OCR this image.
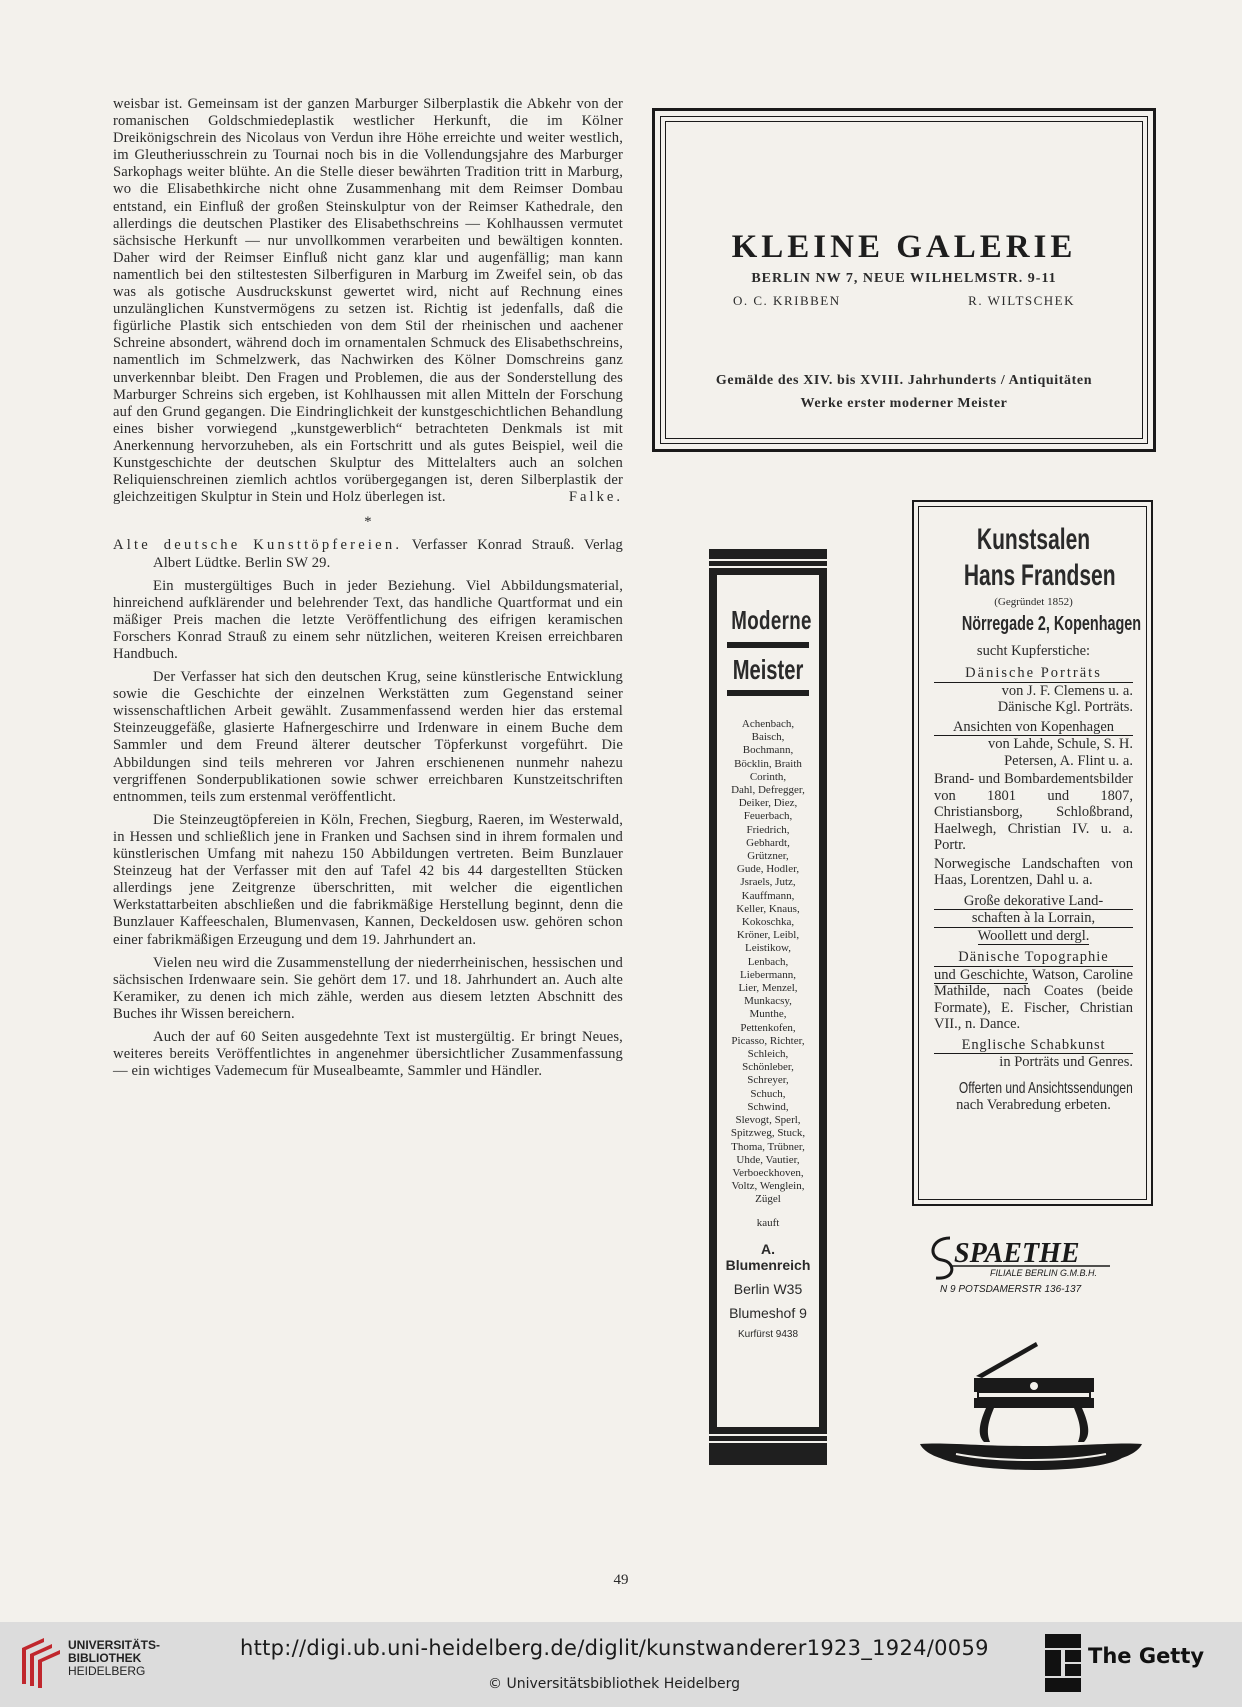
weisbar ist. Gemeinsam ist der ganzen Marburger Silberplastik die Abkehr von der romanischen Goldschmiedeplastik westlicher Herkunft, die im Kölner Dreikönigschrein des Nicolaus von Verdun ihre Höhe erreichte und weiter westlich, im Gleutheriusschrein zu Tournai noch bis in die Vollendungsjahre des Marburger Sarkophags weiter blühte. An die Stelle dieser bewährten Tradition tritt in Marburg, wo die Elisabethkirche nicht ohne Zusammenhang mit dem Reimser Dombau entstand, ein Einfluß der großen Steinskulptur von der Reimser Kathedrale, den allerdings die deutschen Plastiker des Elisabethschreins — Kohlhaussen vermutet sächsische Herkunft — nur unvollkommen verarbeiten und bewältigen konnten. Daher wird der Reimser Einfluß nicht ganz klar und augenfällig; man kann namentlich bei den stiltestesten Silberfiguren in Marburg im Zweifel sein, ob das was als gotische Ausdruckskunst gewertet wird, nicht auf Rechnung eines unzulänglichen Kunstvermögens zu setzen ist. Richtig ist jedenfalls, daß die figürliche Plastik sich entschieden von dem Stil der rheinischen und aachener Schreine absondert, während doch im ornamentalen Schmuck des Elisabethschreins, namentlich im Schmelzwerk, das Nachwirken des Kölner Domschreins ganz unverkennbar bleibt. Den Fragen und Problemen, die aus der Sonderstellung des Marburger Schreins sich ergeben, ist Kohlhaussen mit allen Mitteln der Forschung auf den Grund gegangen. Die Eindringlichkeit der kunstgeschichtlichen Behandlung eines bisher vorwiegend „kunstgewerblich“ betrachteten Denkmals ist mit Anerkennung hervorzuheben, als ein Fortschritt und als gutes Beispiel, weil die Kunstgeschichte der deutschen Skulptur des Mittelalters auch an solchen Reliquienschreinen ziemlich achtlos vorübergegangen ist, deren Silberplastik der gleichzeitigen Skulptur in Stein und Holz überlegen ist.	Falke.
*

Alte deutsche Kunsttöpfereien. Verfasser Konrad Strauß. Verlag Albert Lüdtke. Berlin SW 29.

Ein mustergültiges Buch in jeder Beziehung. Viel Abbildungsmaterial, hinreichend aufklärender und belehrender Text, das handliche Quartformat und ein mäßiger Preis machen die letzte Veröffentlichung des eifrigen keramischen Forschers Konrad Strauß zu einem sehr nützlichen, weiteren Kreisen erreichbaren Handbuch.

Der Verfasser hat sich den deutschen Krug, seine künstlerische Entwicklung sowie die Geschichte der einzelnen Werkstätten zum Gegenstand seiner wissenschaftlichen Arbeit gewählt. Zusammenfassend werden hier das erstemal Steinzeuggefäße, glasierte Hafnergeschirre und Irdenware in einem Buche dem Sammler und dem Freund älterer deutscher Töpferkunst vorgeführt. Die Abbildungen sind teils mehreren vor Jahren erschienenen nunmehr nahezu vergriffenen Sonderpublikationen sowie schwer erreichbaren Kunstzeitschriften entnommen, teils zum erstenmal veröffentlicht.

Die Steinzeugtöpfereien in Köln, Frechen, Siegburg, Raeren, im Westerwald, in Hessen und schließlich jene in Franken und Sachsen sind in ihrem formalen und künstlerischen Umfang mit nahezu 150 Abbildungen vertreten. Beim Bunzlauer Steinzeug hat der Verfasser mit den auf Tafel 42 bis 44 dargestellten Stücken allerdings jene Zeitgrenze überschritten, mit welcher die eigentlichen Werkstattarbeiten abschließen und die fabrikmäßige Herstellung beginnt, denn die Bunzlauer Kaffeeschalen, Blumenvasen, Kannen, Deckeldosen usw. gehören schon einer fabrikmäßigen Erzeugung und dem 19. Jahrhundert an.

Vielen neu wird die Zusammenstellung der niederrheinischen, hessischen und sächsischen Irdenwaare sein. Sie gehört dem 17. und 18. Jahrhundert an. Auch alte Keramiker, zu denen ich mich zähle, werden aus diesem letzten Abschnitt des Buches ihr Wissen bereichern.

Auch der auf 60 Seiten ausgedehnte Text ist mustergültig. Er bringt Neues, weiteres bereits Veröffentlichtes in angenehmer übersichtlicher Zusammenfassung — ein wichtiges Vademecum für Musealbeamte, Sammler und Händler.

KLEINE GALERIE
BERLIN NW 7, NEUE WILHELMSTR. 9-11
O. C. KRIBBEN	R. WILTSCHEK
Gemälde des XIV. bis XVIII. Jahrhunderts / Antiquitäten
Werke erster moderner Meister
Moderne
Meister
Achenbach,
Baisch,
Bochmann,
Böcklin, Braith
Corinth,
Dahl, Defregger,
Deiker, Diez,
Feuerbach,
Friedrich,
Gebhardt,
Grützner,
Gude, Hodler,
Jsraels, Jutz,
Kauffmann,
Keller, Knaus,
Kokoschka,
Kröner, Leibl,
Leistikow,
Lenbach,
Liebermann,
Lier, Menzel,
Munkacsy,
Munthe,
Pettenkofen,
Picasso, Richter,
Schleich,
Schönleber,
Schreyer,
Schuch,
Schwind,
Slevogt, Sperl,
Spitzweg, Stuck,
Thoma, Trübner,
Uhde, Vautier,
Verboeckhoven,
Voltz, Wenglein,
Zügel
kauft
A. Blumenreich
Berlin W35
Blumeshof 9
Kurfürst 9438
Kunstsalen
Hans Frandsen
(Gegründet 1852)
Nörregade 2, Kopenhagen
sucht Kupferstiche:
Dänische Porträts
von J. F. Clemens u. a.
Dänische Kgl. Porträts.
Ansichten von Kopenhagen
von Lahde, Schule, S. H.
Petersen, A. Flint u. a.
Brand- und Bombardementsbilder von 1801 und 1807, Christiansborg, Schloßbrand, Haelwegh, Christian IV. u. a. Portr.
Norwegische Landschaften von Haas, Lorentzen, Dahl u. a.
Große dekorative Land-
schaften à la Lorrain,
Woollett und dergl.
Dänische Topographie
und Geschichte, Watson, Caroline Mathilde, nach Coates (beide Formate), E. Fischer, Christian VII., n. Dance.
Englische Schabkunst
in Porträts und Genres.
Offerten und Ansichtssendungen
nach Verabredung erbeten.
SPAETHE
FILIALE BERLIN G.M.B.H.
N 9 POTSDAMERSTR 136-137
49
UNIVERSITÄTS-
BIBLIOTHEK
HEIDELBERG
http://digi.ub.uni-heidelberg.de/diglit/kunstwanderer1923_1924/0059
© Universitätsbibliothek Heidelberg
The Getty
